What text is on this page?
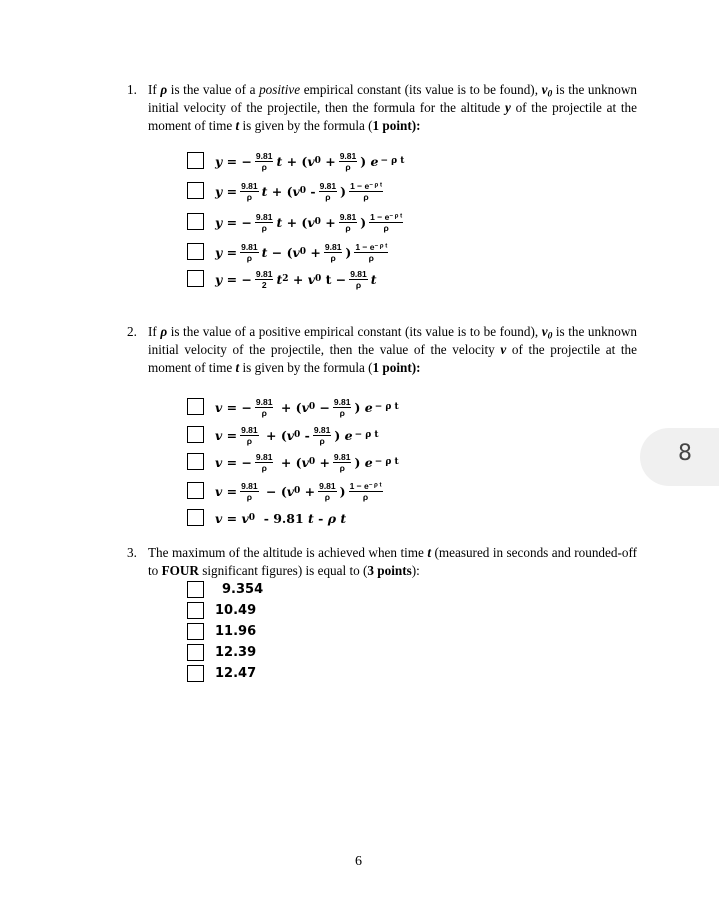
1. If ρ is the value of a positive empirical constant (its value is to be found), $v_0$ is the unknown initial velocity of the projectile, then the formula for the altitude y of the projectile at the moment of time t is given by the formula (1 point):
y = − $\frac{9.81}{\rho}$ t + ( v $0 + \frac{9.81}{\rho}$ ) e − ρ t
$y = \frac{9.81}{\rho}$ t + ( v $0 - \frac{9.81}{\rho}$ ) $\frac{1 - e^{- \rho t}}{\rho}$
y = − $\frac{9.81}{\rho}$ t + ( v $0 + \frac{9.81}{\rho}$ ) $\frac{1 - e^{- \rho t}}{\rho}$
$y = \frac{9.81}{\rho}$ t − ( v $0 + \frac{9.81}{\rho}$ ) $\frac{1 - e^{- \rho t}}{\rho}$
y = − $\frac{9.81}{2}$ t 2 + v 0 $t - \frac{9.81}{\rho}$ t
2. If ρ is the value of a positive empirical constant (its value is to be found), $v_0$ is the unknown initial velocity of the projectile, then the value of the velocity v of the projectile at the moment of time t is given by the formula (1 point):
v = − $\frac{9.81}{\rho}$ + ( v $0 - \frac{9.81}{\rho}$ ) e − ρ t
$v = \frac{9.81}{\rho}$ + ( v $0 - \frac{9.81}{\rho}$ ) e − ρ t
v = − $\frac{9.81}{\rho}$ + ( v $0 + \frac{9.81}{\rho}$ ) e − ρ t
$v = \frac{9.81}{\rho}$ − ( v $0 + \frac{9.81}{\rho}$ ) $\frac{1 - e^{- \rho t}}{\rho}$
v = v 0 - 9.81 t - ρ t
3. The maximum of the altitude is achieved when time t (measured in seconds and rounded-off to FOUR significant figures) is equal to (3 points):
9.354
10.49
11.96
12.39
12.47
6
8
